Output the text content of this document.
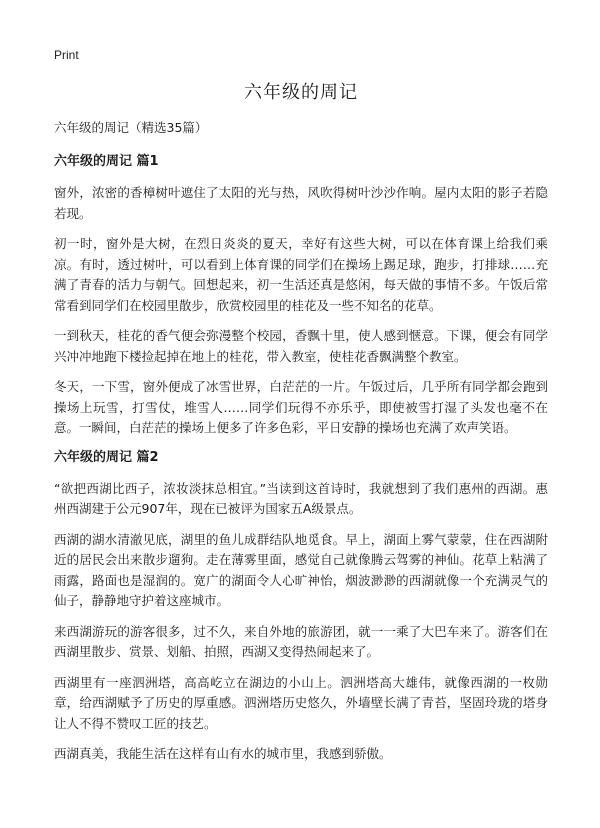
Print
六年级的周记

六年级的周记（精选35篇）

六年级的周记 篇1

窗外，浓密的香樟树叶遮住了太阳的光与热，风吹得树叶沙沙作响。屋内太阳的影子若隐若现。

初一时，窗外是大树，在烈日炎炎的夏天，幸好有这些大树，可以在体育课上给我们乘凉。有时，透过树叶，可以看到上体育课的同学们在操场上踢足球，跑步，打排球……充满了青春的活力与朝气。回想起来，初一生活还真是悠闲，每天做的事情不多。午饭后常常看到同学们在校园里散步，欣赏校园里的桂花及一些不知名的花草。

一到秋天，桂花的香气便会弥漫整个校园，香飘十里，使人感到惬意。下课，便会有同学兴冲冲地跑下楼捡起掉在地上的桂花，带入教室，使桂花香飘满整个教室。

冬天，一下雪，窗外便成了冰雪世界，白茫茫的一片。午饭过后，几乎所有同学都会跑到操场上玩雪，打雪仗，堆雪人……同学们玩得不亦乐乎，即使被雪打湿了头发也毫不在意。一瞬间，白茫茫的操场上便多了许多色彩，平日安静的操场也充满了欢声笑语。

六年级的周记 篇2

“欲把西湖比西子，浓妆淡抹总相宜。”当读到这首诗时，我就想到了我们惠州的西湖。惠州西湖建于公元907年，现在已被评为国家五A级景点。

西湖的湖水清澈见底，湖里的鱼儿成群结队地觅食。早上，湖面上雾气蒙蒙，住在西湖附近的居民会出来散步遛狗。走在薄雾里面，感觉自己就像腾云驾雾的神仙。花草上粘满了雨露，路面也是湿润的。宽广的湖面令人心旷神怡，烟波渺渺的西湖就像一个充满灵气的仙子，静静地守护着这座城市。

来西湖游玩的游客很多，过不久，来自外地的旅游团，就一一乘了大巴车来了。游客们在西湖里散步、赏景、划船、拍照，西湖又变得热闹起来了。

西湖里有一座泗洲塔，高高屹立在湖边的小山上。泗洲塔高大雄伟，就像西湖的一枚勋章，给西湖赋予了历史的厚重感。泗洲塔历史悠久，外墙壁长满了青苔，坚固玲珑的塔身让人不得不赞叹工匠的技艺。

西湖真美，我能生活在这样有山有水的城市里，我感到骄傲。
